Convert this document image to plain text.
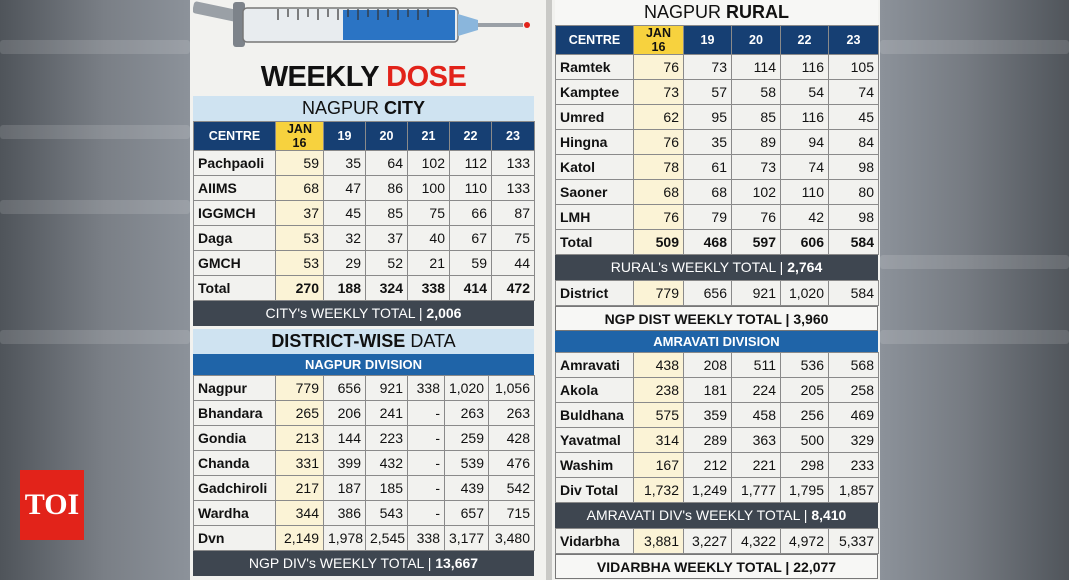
TOI
WEEKLY DOSE
NAGPUR CITY
CENTRE	JAN 16	19	20	21	22	23
Pachpaoli	59	35	64	102	112	133
AIIMS	68	47	86	100	110	133
IGGMCH	37	45	85	75	66	87
Daga	53	32	37	40	67	75
GMCH	53	29	52	21	59	44
Total	270	188	324	338	414	472
CITY's WEEKLY TOTAL | 2,006
DISTRICT-WISE DATA
NAGPUR DIVISION
Nagpur	779	656	921	338	1,020	1,056
Bhandara	265	206	241	-	263	263
Gondia	213	144	223	-	259	428
Chanda	331	399	432	-	539	476
Gadchiroli	217	187	185	-	439	542
Wardha	344	386	543	-	657	715
Dvn	2,149	1,978	2,545	338	3,177	3,480
NGP DIV's WEEKLY TOTAL | 13,667
NAGPUR RURAL
CENTRE	JAN 16	19	20	22	23
Ramtek	76	73	114	116	105
Kamptee	73	57	58	54	74
Umred	62	95	85	116	45
Hingna	76	35	89	94	84
Katol	78	61	73	74	98
Saoner	68	68	102	110	80
LMH	76	79	76	42	98
Total	509	468	597	606	584
RURAL's WEEKLY TOTAL | 2,764
District	779	656	921	1,020	584
NGP DIST WEEKLY TOTAL | 3,960
AMRAVATI DIVISION
Amravati	438	208	511	536	568
Akola	238	181	224	205	258
Buldhana	575	359	458	256	469
Yavatmal	314	289	363	500	329
Washim	167	212	221	298	233
Div Total	1,732	1,249	1,777	1,795	1,857
AMRAVATI DIV's WEEKLY TOTAL | 8,410
Vidarbha	3,881	3,227	4,322	4,972	5,337
VIDARBHA WEEKLY TOTAL | 22,077
